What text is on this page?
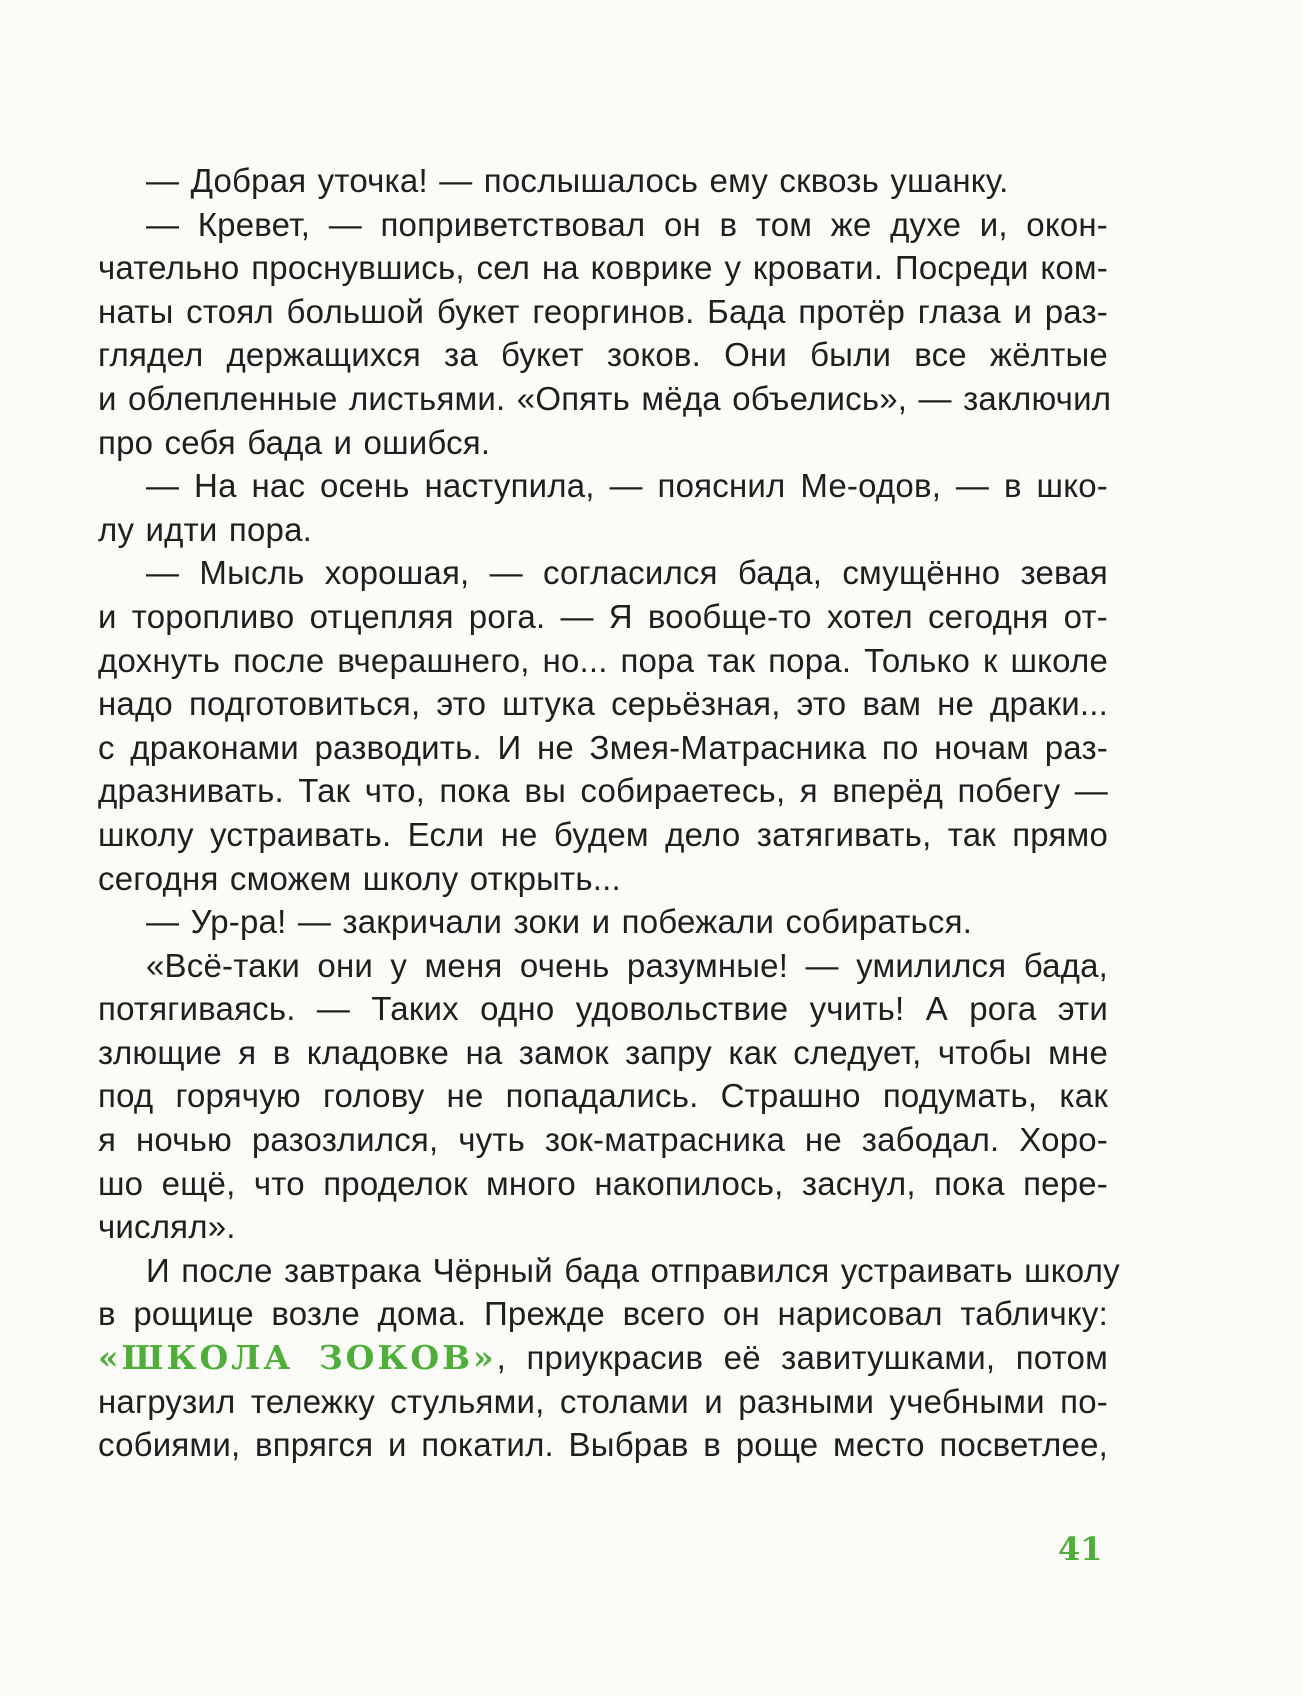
— Добрая уточка! — послышалось ему сквозь ушанку.
— Кревет, — поприветствовал он в том же духе и, окон-
чательно проснувшись, сел на коврике у кровати. Посреди ком-
наты стоял большой букет георгинов. Бада протёр глаза и раз-
глядел держащихся за букет зоков. Они были все жёлтые
и облепленные листьями. «Опять мёда объелись», — заключил
про себя бада и ошибся.
— На нас осень наступила, — пояснил Ме-одов, — в шко-
лу идти пора.
— Мысль хорошая, — согласился бада, смущённо зевая
и торопливо отцепляя рога. — Я вообще-то хотел сегодня от-
дохнуть после вчерашнего, но... пора так пора. Только к школе
надо подготовиться, это штука серьёзная, это вам не драки...
с драконами разводить. И не Змея-Матрасника по ночам раз-
дразнивать. Так что, пока вы собираетесь, я вперёд побегу —
школу устраивать. Если не будем дело затягивать, так прямо
сегодня сможем школу открыть...
— Ур-ра! — закричали зоки и побежали собираться.
«Всё-таки они у меня очень разумные! — умилился бада,
потягиваясь. — Таких одно удовольствие учить! А рога эти
злющие я в кладовке на замок запру как следует, чтобы мне
под горячую голову не попадались. Страшно подумать, как
я ночью разозлился, чуть зок-матрасника не забодал. Хоро-
шо ещё, что проделок много накопилось, заснул, пока пере-
числял».
И после завтрака Чёрный бада отправился устраивать школу
в рощице возле дома. Прежде всего он нарисовал табличку:
«ШКОЛА ЗОКОВ», приукрасив её завитушками, потом
нагрузил тележку стульями, столами и разными учебными по-
собиями, впрягся и покатил. Выбрав в роще место посветлее,
41
